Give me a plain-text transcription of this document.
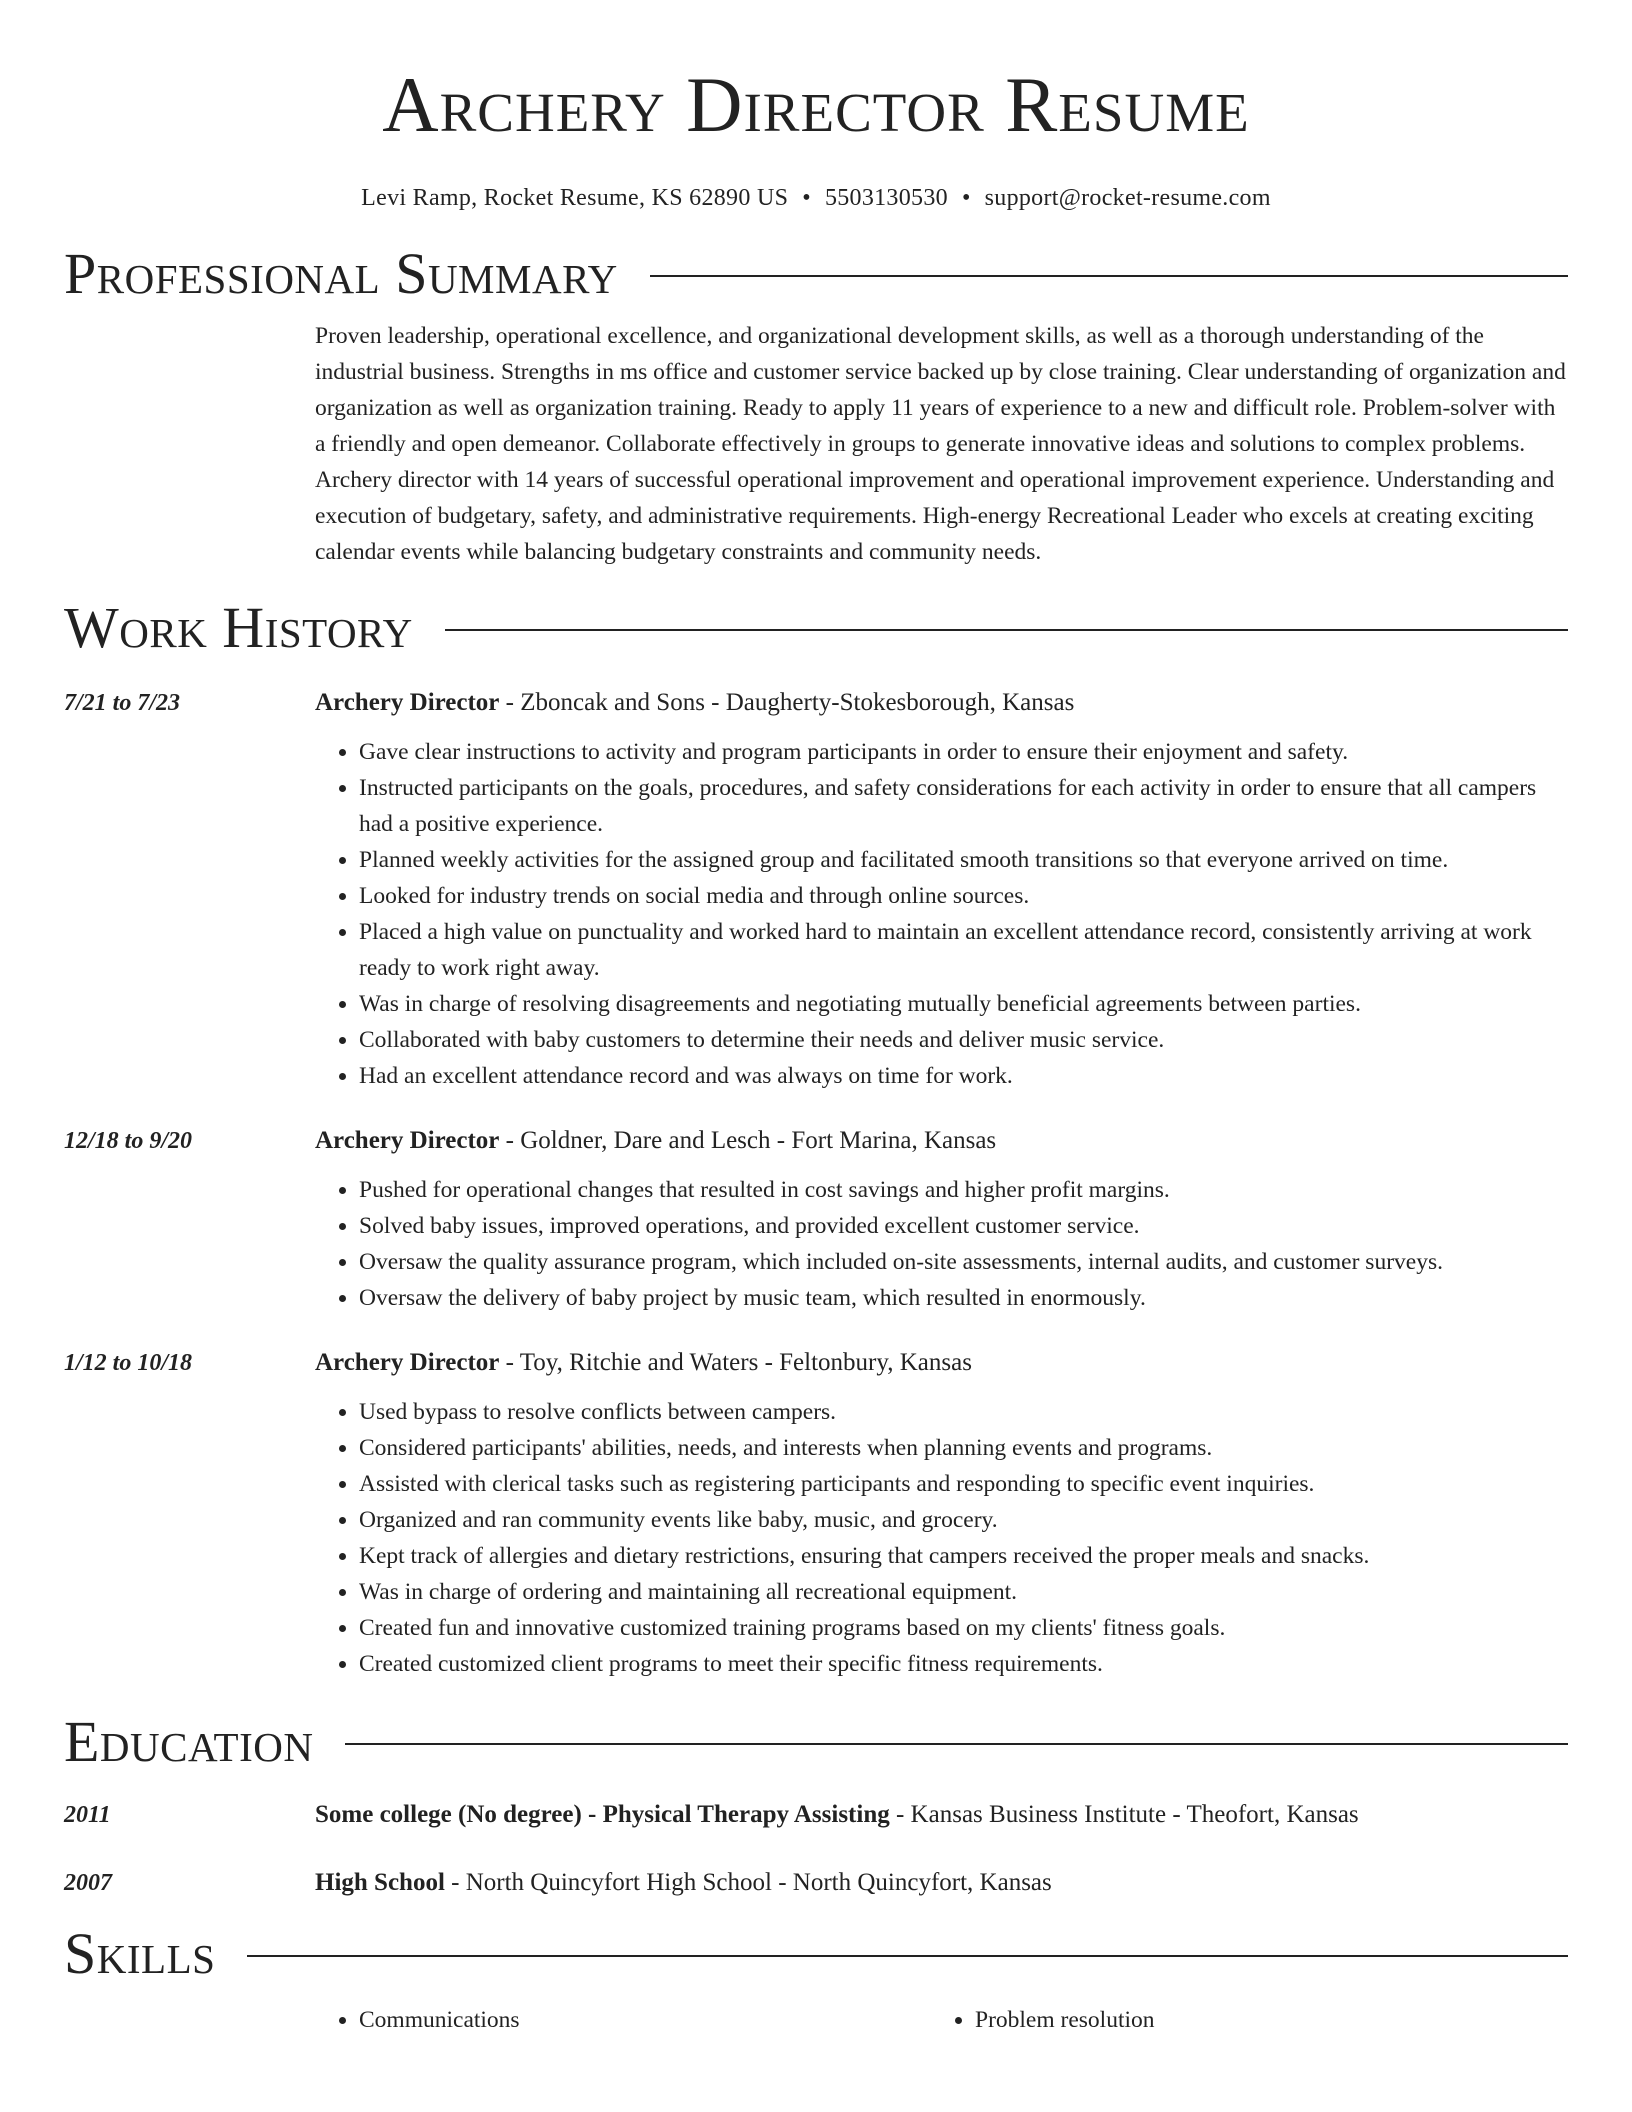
Archery Director Resume
Levi Ramp, Rocket Resume, KS 62890 US • 5503130530 • support@rocket-resume.com
Professional Summary
Proven leadership, operational excellence, and organizational development skills, as well as a thorough understanding of the industrial business. Strengths in ms office and customer service backed up by close training. Clear understanding of organization and organization as well as organization training. Ready to apply 11 years of experience to a new and difficult role. Problem-solver with a friendly and open demeanor. Collaborate effectively in groups to generate innovative ideas and solutions to complex problems. Archery director with 14 years of successful operational improvement and operational improvement experience. Understanding and execution of budgetary, safety, and administrative requirements. High-energy Recreational Leader who excels at creating exciting calendar events while balancing budgetary constraints and community needs.
Work History
7/21 to 7/23	Archery Director - Zboncak and Sons - Daugherty-Stokesborough, Kansas
• Gave clear instructions to activity and program participants in order to ensure their enjoyment and safety.
• Instructed participants on the goals, procedures, and safety considerations for each activity in order to ensure that all campers had a positive experience.
• Planned weekly activities for the assigned group and facilitated smooth transitions so that everyone arrived on time.
• Looked for industry trends on social media and through online sources.
• Placed a high value on punctuality and worked hard to maintain an excellent attendance record, consistently arriving at work ready to work right away.
• Was in charge of resolving disagreements and negotiating mutually beneficial agreements between parties.
• Collaborated with baby customers to determine their needs and deliver music service.
• Had an excellent attendance record and was always on time for work.
12/18 to 9/20	Archery Director - Goldner, Dare and Lesch - Fort Marina, Kansas
• Pushed for operational changes that resulted in cost savings and higher profit margins.
• Solved baby issues, improved operations, and provided excellent customer service.
• Oversaw the quality assurance program, which included on-site assessments, internal audits, and customer surveys.
• Oversaw the delivery of baby project by music team, which resulted in enormously.
1/12 to 10/18	Archery Director - Toy, Ritchie and Waters - Feltonbury, Kansas
• Used bypass to resolve conflicts between campers.
• Considered participants' abilities, needs, and interests when planning events and programs.
• Assisted with clerical tasks such as registering participants and responding to specific event inquiries.
• Organized and ran community events like baby, music, and grocery.
• Kept track of allergies and dietary restrictions, ensuring that campers received the proper meals and snacks.
• Was in charge of ordering and maintaining all recreational equipment.
• Created fun and innovative customized training programs based on my clients' fitness goals.
• Created customized client programs to meet their specific fitness requirements.
Education
2011	Some college (No degree) - Physical Therapy Assisting - Kansas Business Institute - Theofort, Kansas
2007	High School - North Quincyfort High School - North Quincyfort, Kansas
Skills
• Communications
•	Problem resolution
